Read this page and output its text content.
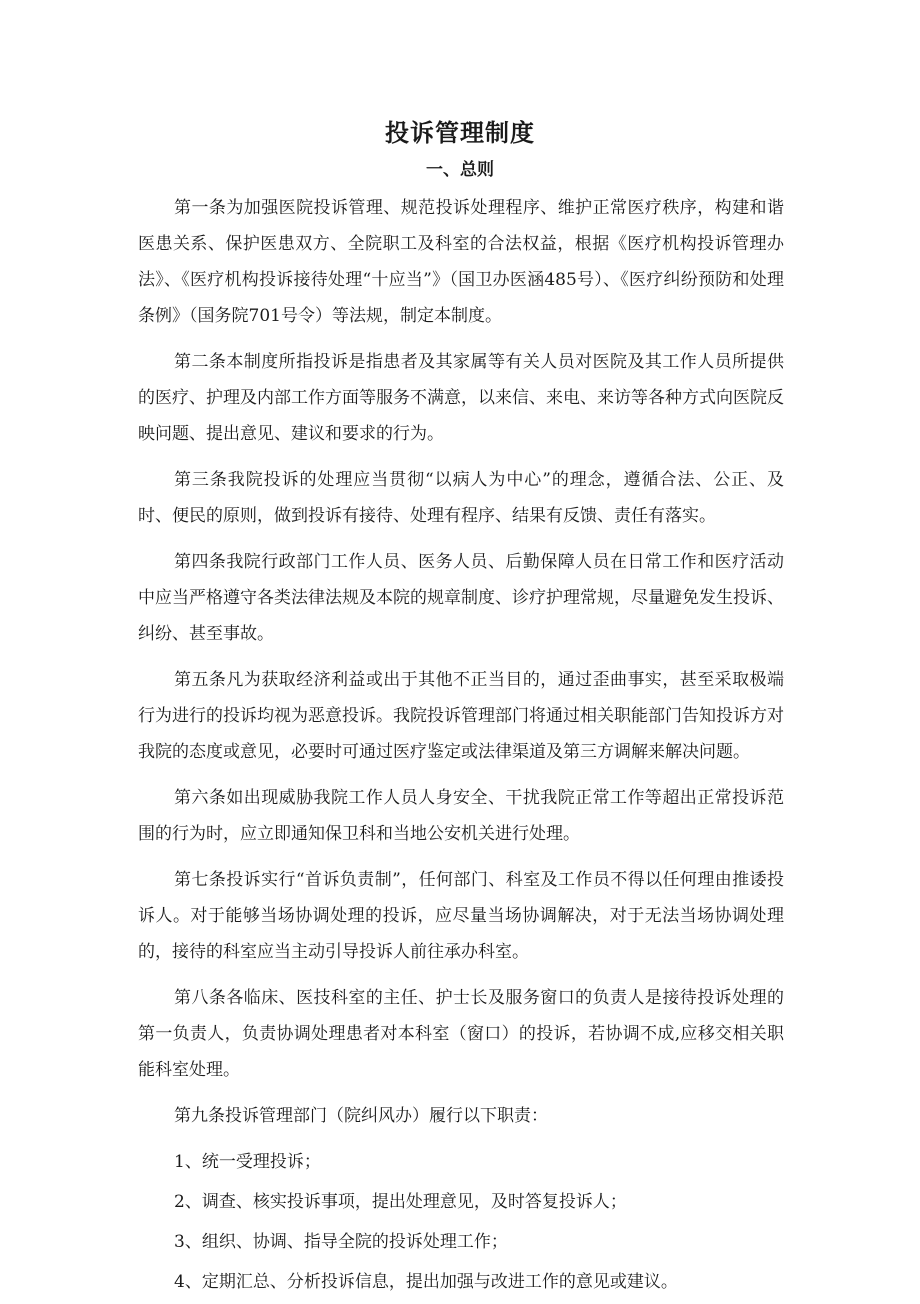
投诉管理制度
一、总则

第一条为加强医院投诉管理、规范投诉处理程序、维护正常医疗秩序，构建和谐医患关系、保护医患双方、全院职工及科室的合法权益，根据《医疗机构投诉管理办法》、《医疗机构投诉接待处理“十应当”》（国卫办医涵485号）、《医疗纠纷预防和处理条例》（国务院701号令）等法规，制定本制度。

第二条本制度所指投诉是指患者及其家属等有关人员对医院及其工作人员所提供的医疗、护理及内部工作方面等服务不满意，以来信、来电、来访等各种方式向医院反映问题、提出意见、建议和要求的行为。

第三条我院投诉的处理应当贯彻“以病人为中心”的理念，遵循合法、公正、及时、便民的原则，做到投诉有接待、处理有程序、结果有反馈、责任有落实。

第四条我院行政部门工作人员、医务人员、后勤保障人员在日常工作和医疗活动中应当严格遵守各类法律法规及本院的规章制度、诊疗护理常规，尽量避免发生投诉、纠纷、甚至事故。

第五条凡为获取经济利益或出于其他不正当目的，通过歪曲事实，甚至采取极端行为进行的投诉均视为恶意投诉。我院投诉管理部门将通过相关职能部门告知投诉方对我院的态度或意见，必要时可通过医疗鉴定或法律渠道及第三方调解来解决问题。

第六条如出现威胁我院工作人员人身安全、干扰我院正常工作等超出正常投诉范围的行为时，应立即通知保卫科和当地公安机关进行处理。

第七条投诉实行“首诉负责制”，任何部门、科室及工作员不得以任何理由推诿投诉人。对于能够当场协调处理的投诉，应尽量当场协调解决，对于无法当场协调处理的，接待的科室应当主动引导投诉人前往承办科室。

第八条各临床、医技科室的主任、护士长及服务窗口的负责人是接待投诉处理的第一负责人，负责协调处理患者对本科室（窗口）的投诉，若协调不成,应移交相关职能科室处理。

第九条投诉管理部门（院纠风办）履行以下职责：

1、统一受理投诉；

2、调查、核实投诉事项，提出处理意见，及时答复投诉人；

3、组织、协调、指导全院的投诉处理工作；

4、定期汇总、分析投诉信息，提出加强与改进工作的意见或建议。
